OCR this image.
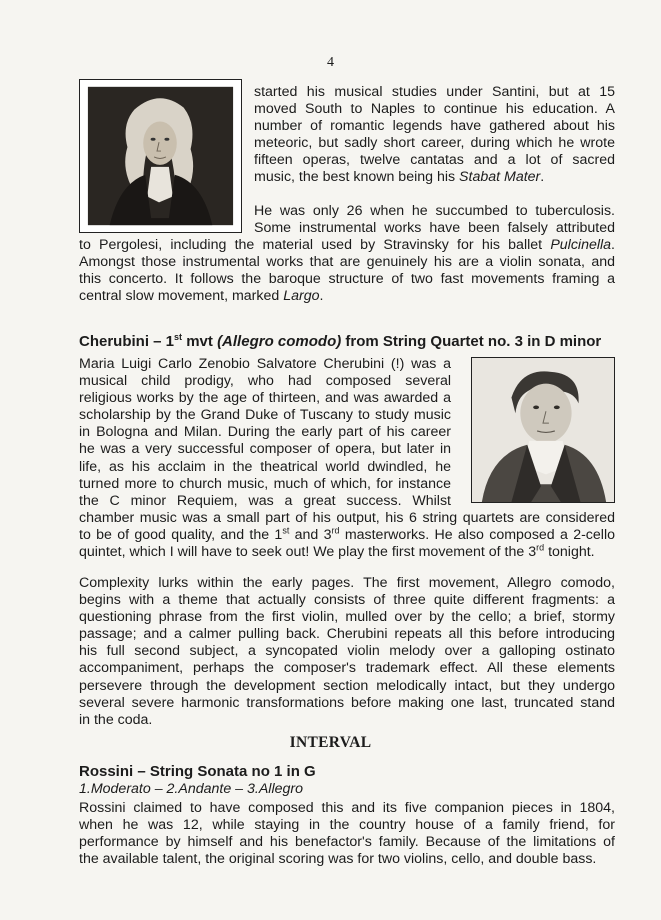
4

started his musical studies under Santini, but at 15
moved South to Naples to continue his education. A
number of romantic legends have gathered about his
meteoric, but sadly short career, during which he wrote
fifteen operas, twelve cantatas and a lot of sacred
music, the best known being his Stabat Mater.

He was only 26 when he succumbed to tuberculosis.
Some instrumental works have been falsely attributed
to Pergolesi, including the material used by Stravinsky for his ballet Pulcinella.
Amongst those instrumental works that are genuinely his are a violin sonata, and
this concerto. It follows the baroque structure of two fast movements framing a
central slow movement, marked Largo.

Cherubini – 1st mvt (Allegro comodo) from String Quartet no. 3 in D minor

Maria Luigi Carlo Zenobio Salvatore Cherubini (!) was a
musical child prodigy, who had composed several
religious works by the age of thirteen, and was awarded a
scholarship by the Grand Duke of Tuscany to study music
in Bologna and Milan. During the early part of his career
he was a very successful composer of opera, but later in
life, as his acclaim in the theatrical world dwindled, he
turned more to church music, much of which, for instance
the C minor Requiem, was a great success. Whilst
chamber music was a small part of his output, his 6 string quartets are considered
to be of good quality, and the 1st and 3rd masterworks. He also composed a 2-cello
quintet, which I will have to seek out! We play the first movement of the 3rd tonight.

Complexity lurks within the early pages. The first movement, Allegro comodo,
begins with a theme that actually consists of three quite different fragments: a
questioning phrase from the first violin, mulled over by the cello; a brief, stormy
passage; and a calmer pulling back. Cherubini repeats all this before introducing
his full second subject, a syncopated violin melody over a galloping ostinato
accompaniment, perhaps the composer's trademark effect. All these elements
persevere through the development section melodically intact, but they undergo
several severe harmonic transformations before making one last, truncated stand
in the coda.

INTERVAL
Rossini – String Sonata no 1 in G
1.Moderato – 2.Andante – 3.Allegro

Rossini claimed to have composed this and its five companion pieces in 1804,
when he was 12, while staying in the country house of a family friend, for
performance by himself and his benefactor's family. Because of the limitations of
the available talent, the original scoring was for two violins, cello, and double bass.
